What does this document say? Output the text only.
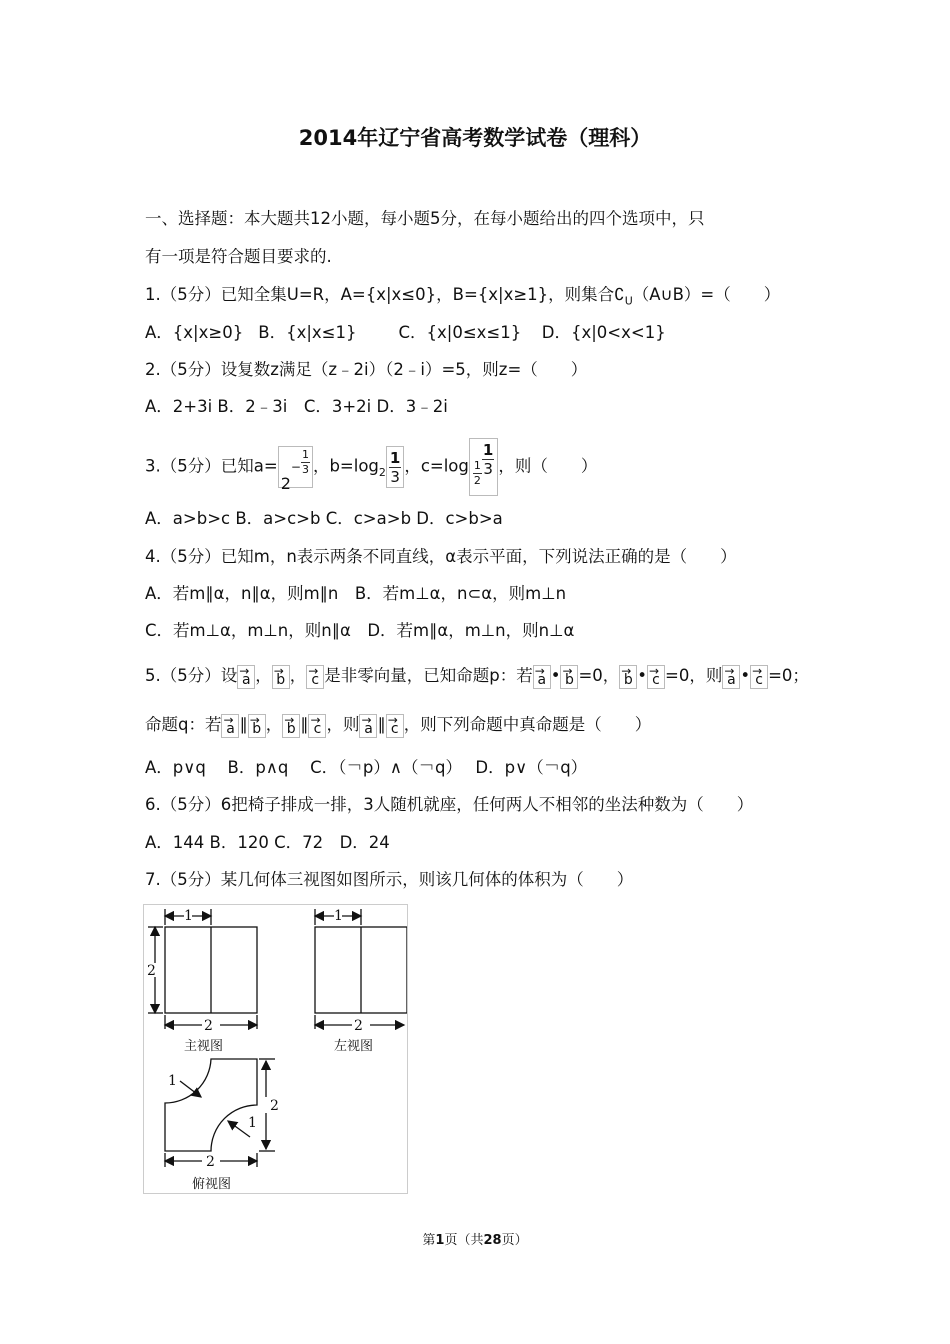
2014年辽宁省高考数学试卷（理科）
一、选择题：本大题共12小题，每小题5分，在每小题给出的四个选项中，只
有一项是符合题目要求的.
1.（5分）已知全集U=R，A={x|x≤0}，B={x|x≥1}，则集合$∁_U(A\cup B)=$（　　）
A．{x|x≥0} B．{x|x≤1}	C．{x|0≤x≤1} D．{x|0<x<1}
2.（5分）设复数z满足（z﹣2i）（2﹣i）=5，则z=（　　）
A．2+3i B．2﹣3i　C．3+2i D．3﹣2i
3.（5分）已知$a=2^- \frac{1}{3}$ ，$b=\log_2 \frac{1}{3}$ ，$c=\log \frac{1}{2} \frac{1}{3}$ ，则（　　）
A．a>b>c B．a>c>b C．c>a>b D．c>b>a
4.（5分）已知m，n表示两条不同直线，α表示平面，下列说法正确的是（　　）
A．若m∥α，n∥α，则m∥n　B．若m⊥α，n⊂α，则m⊥n
C．若m⊥α，m⊥n，则n∥α　D．若m∥α，m⊥n，则n⊥α
5.（5分）设 → a ， → b ， → c 是非零向量，已知命题p：若 → a • → b =0， → b • → c =0，则 → a • → c =0；
命题q：若 → a ∥ → b ， → b ∥ → c ，则 → a ∥ → c ，则下列命题中真命题是（　　）
A．p∨q　 B．p∧q　 C．（￢p）∧（￢q）　 D．p∨（￢q）
6.（5分）6把椅子排成一排，3人随机就座，任何两人不相邻的坐法种数为（　　）
A．144 B．120 C．72　D．24
7.（5分）某几何体三视图如图所示，则该几何体的体积为（　　）
1
2
2
主视图
1
2
左视图
1
2
1
2
俯视图
第1页（共28页）
